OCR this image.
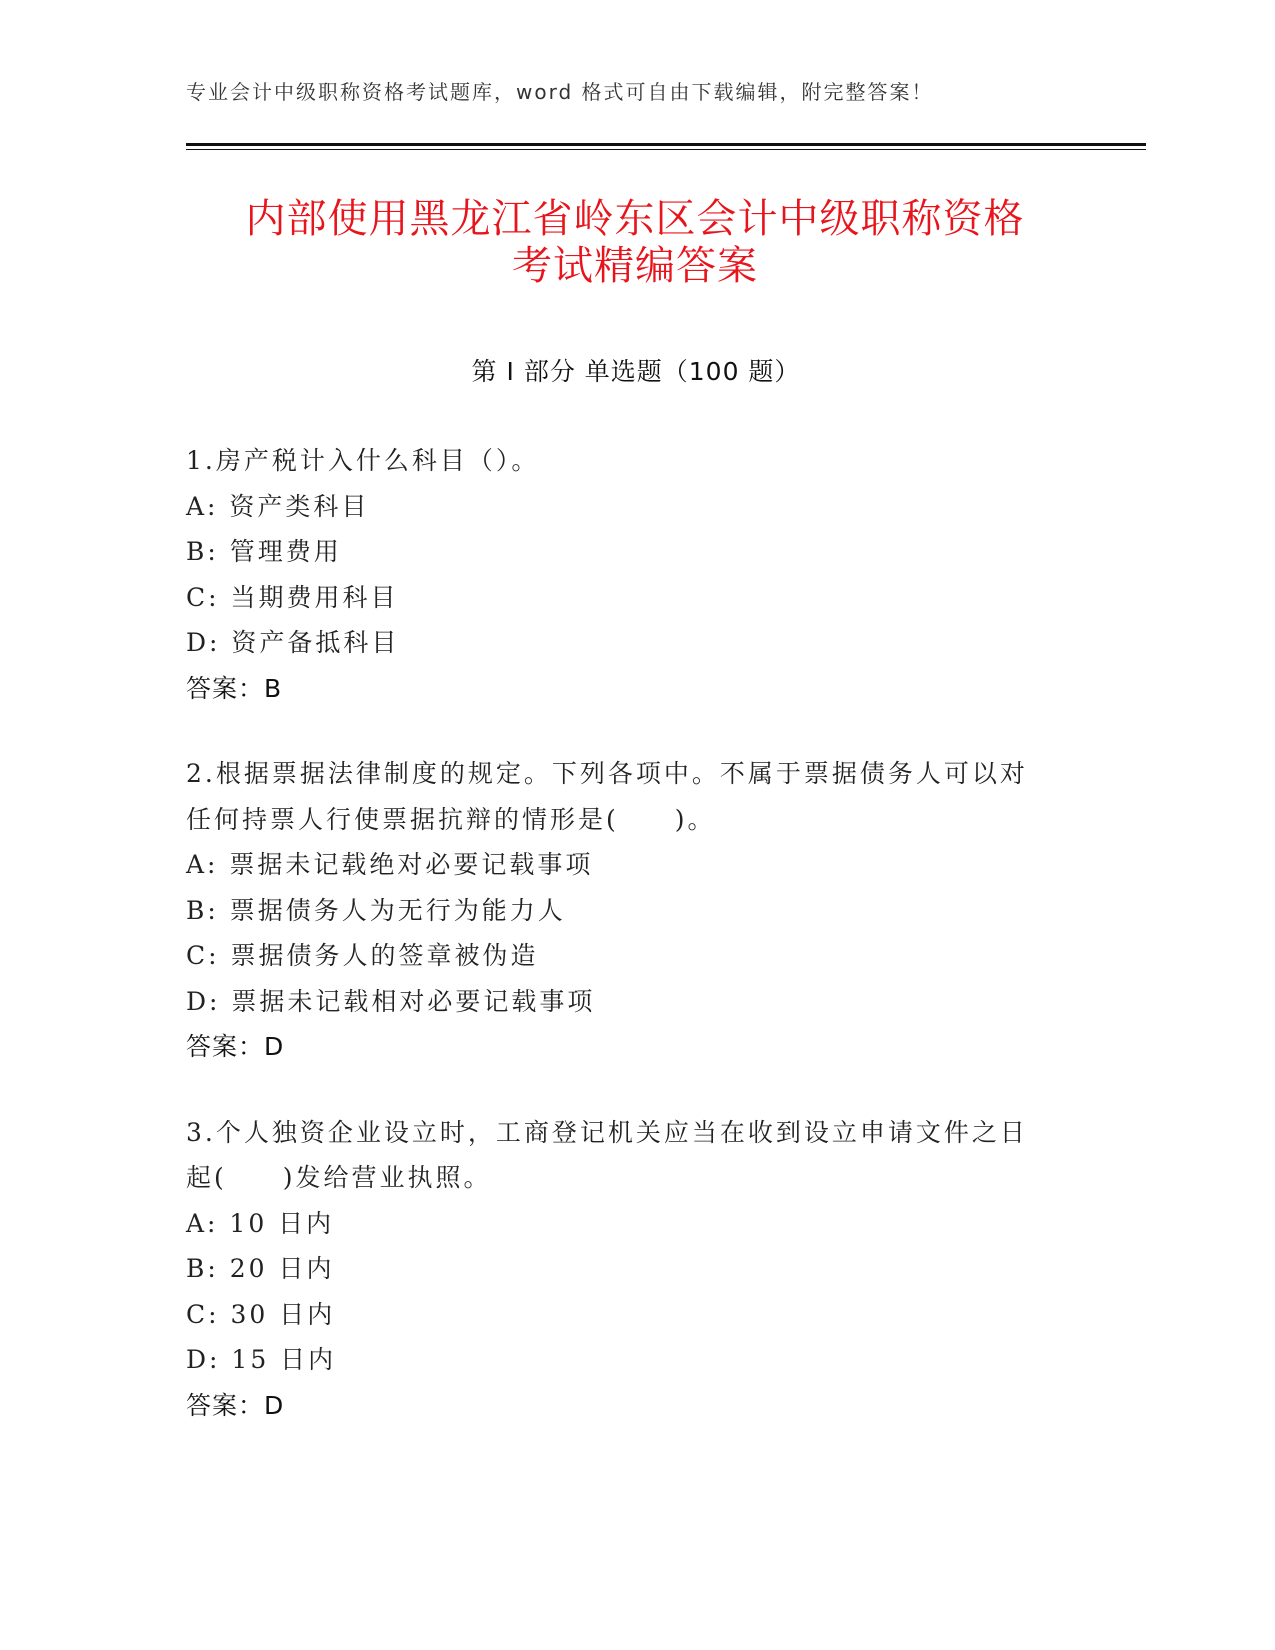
专业会计中级职称资格考试题库，word 格式可自由下载编辑，附完整答案！
内部使用黑龙江省岭东区会计中级职称资格
考试精编答案
第 I 部分 单选题（100 题）
1.房产税计入什么科目（）。
A: 资产类科目
B: 管理费用
C: 当期费用科目
D: 资产备抵科目
答案：B
2.根据票据法律制度的规定。下列各项中。不属于票据债务人可以对
任何持票人行使票据抗辩的情形是(　　)。
A: 票据未记载绝对必要记载事项
B: 票据债务人为无行为能力人
C: 票据债务人的签章被伪造
D: 票据未记载相对必要记载事项
答案：D
3.个人独资企业设立时，工商登记机关应当在收到设立申请文件之日
起(　　)发给营业执照。
A: 10 日内
B: 20 日内
C: 30 日内
D: 15 日内
答案：D
